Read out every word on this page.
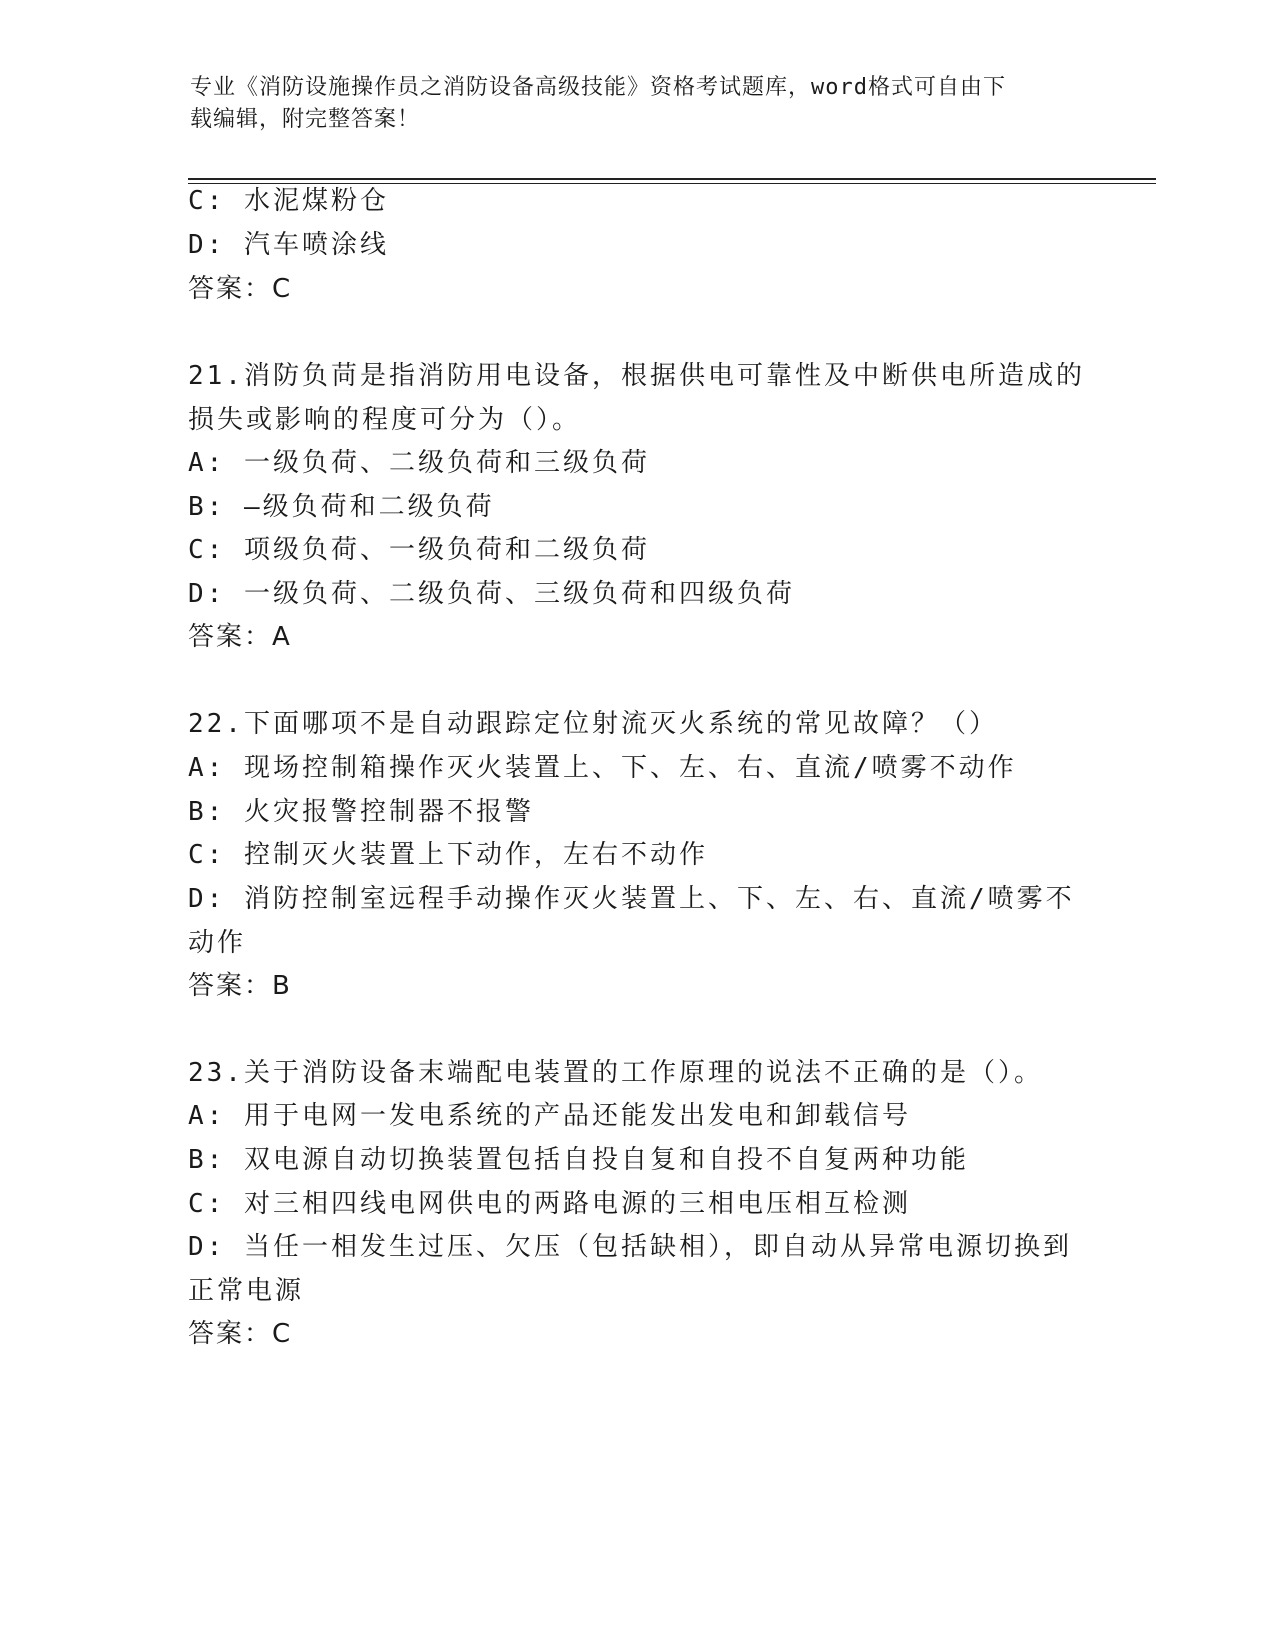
专业《消防设施操作员之消防设备高级技能》资格考试题库，word格式可自由下
载编辑，附完整答案！
C: 水泥煤粉仓
D: 汽车喷涂线
答案：C
21.消防负苘是指消防用电设备，根据供电可靠性及中断供电所造成的
损失或影响的程度可分为（）。
A: 一级负荷、二级负荷和三级负荷
B: —级负荷和二级负荷
C: 项级负荷、一级负荷和二级负荷
D: 一级负荷、二级负荷、三级负荷和四级负荷
答案：A
22.下面哪项不是自动跟踪定位射流灭火系统的常见故障？（）
A: 现场控制箱操作灭火装置上、下、左、右、直流/喷雾不动作
B: 火灾报警控制器不报警
C: 控制灭火装置上下动作，左右不动作
D: 消防控制室远程手动操作灭火装置上、下、左、右、直流/喷雾不
动作
答案：B
23.关于消防设备末端配电装置的工作原理的说法不正确的是（）。
A: 用于电网一发电系统的产品还能发出发电和卸载信号
B: 双电源自动切换装置包括自投自复和自投不自复两种功能
C: 对三相四线电网供电的两路电源的三相电压相互检测
D: 当任一相发生过压、欠压（包括缺相），即自动从异常电源切换到
正常电源
答案：C
